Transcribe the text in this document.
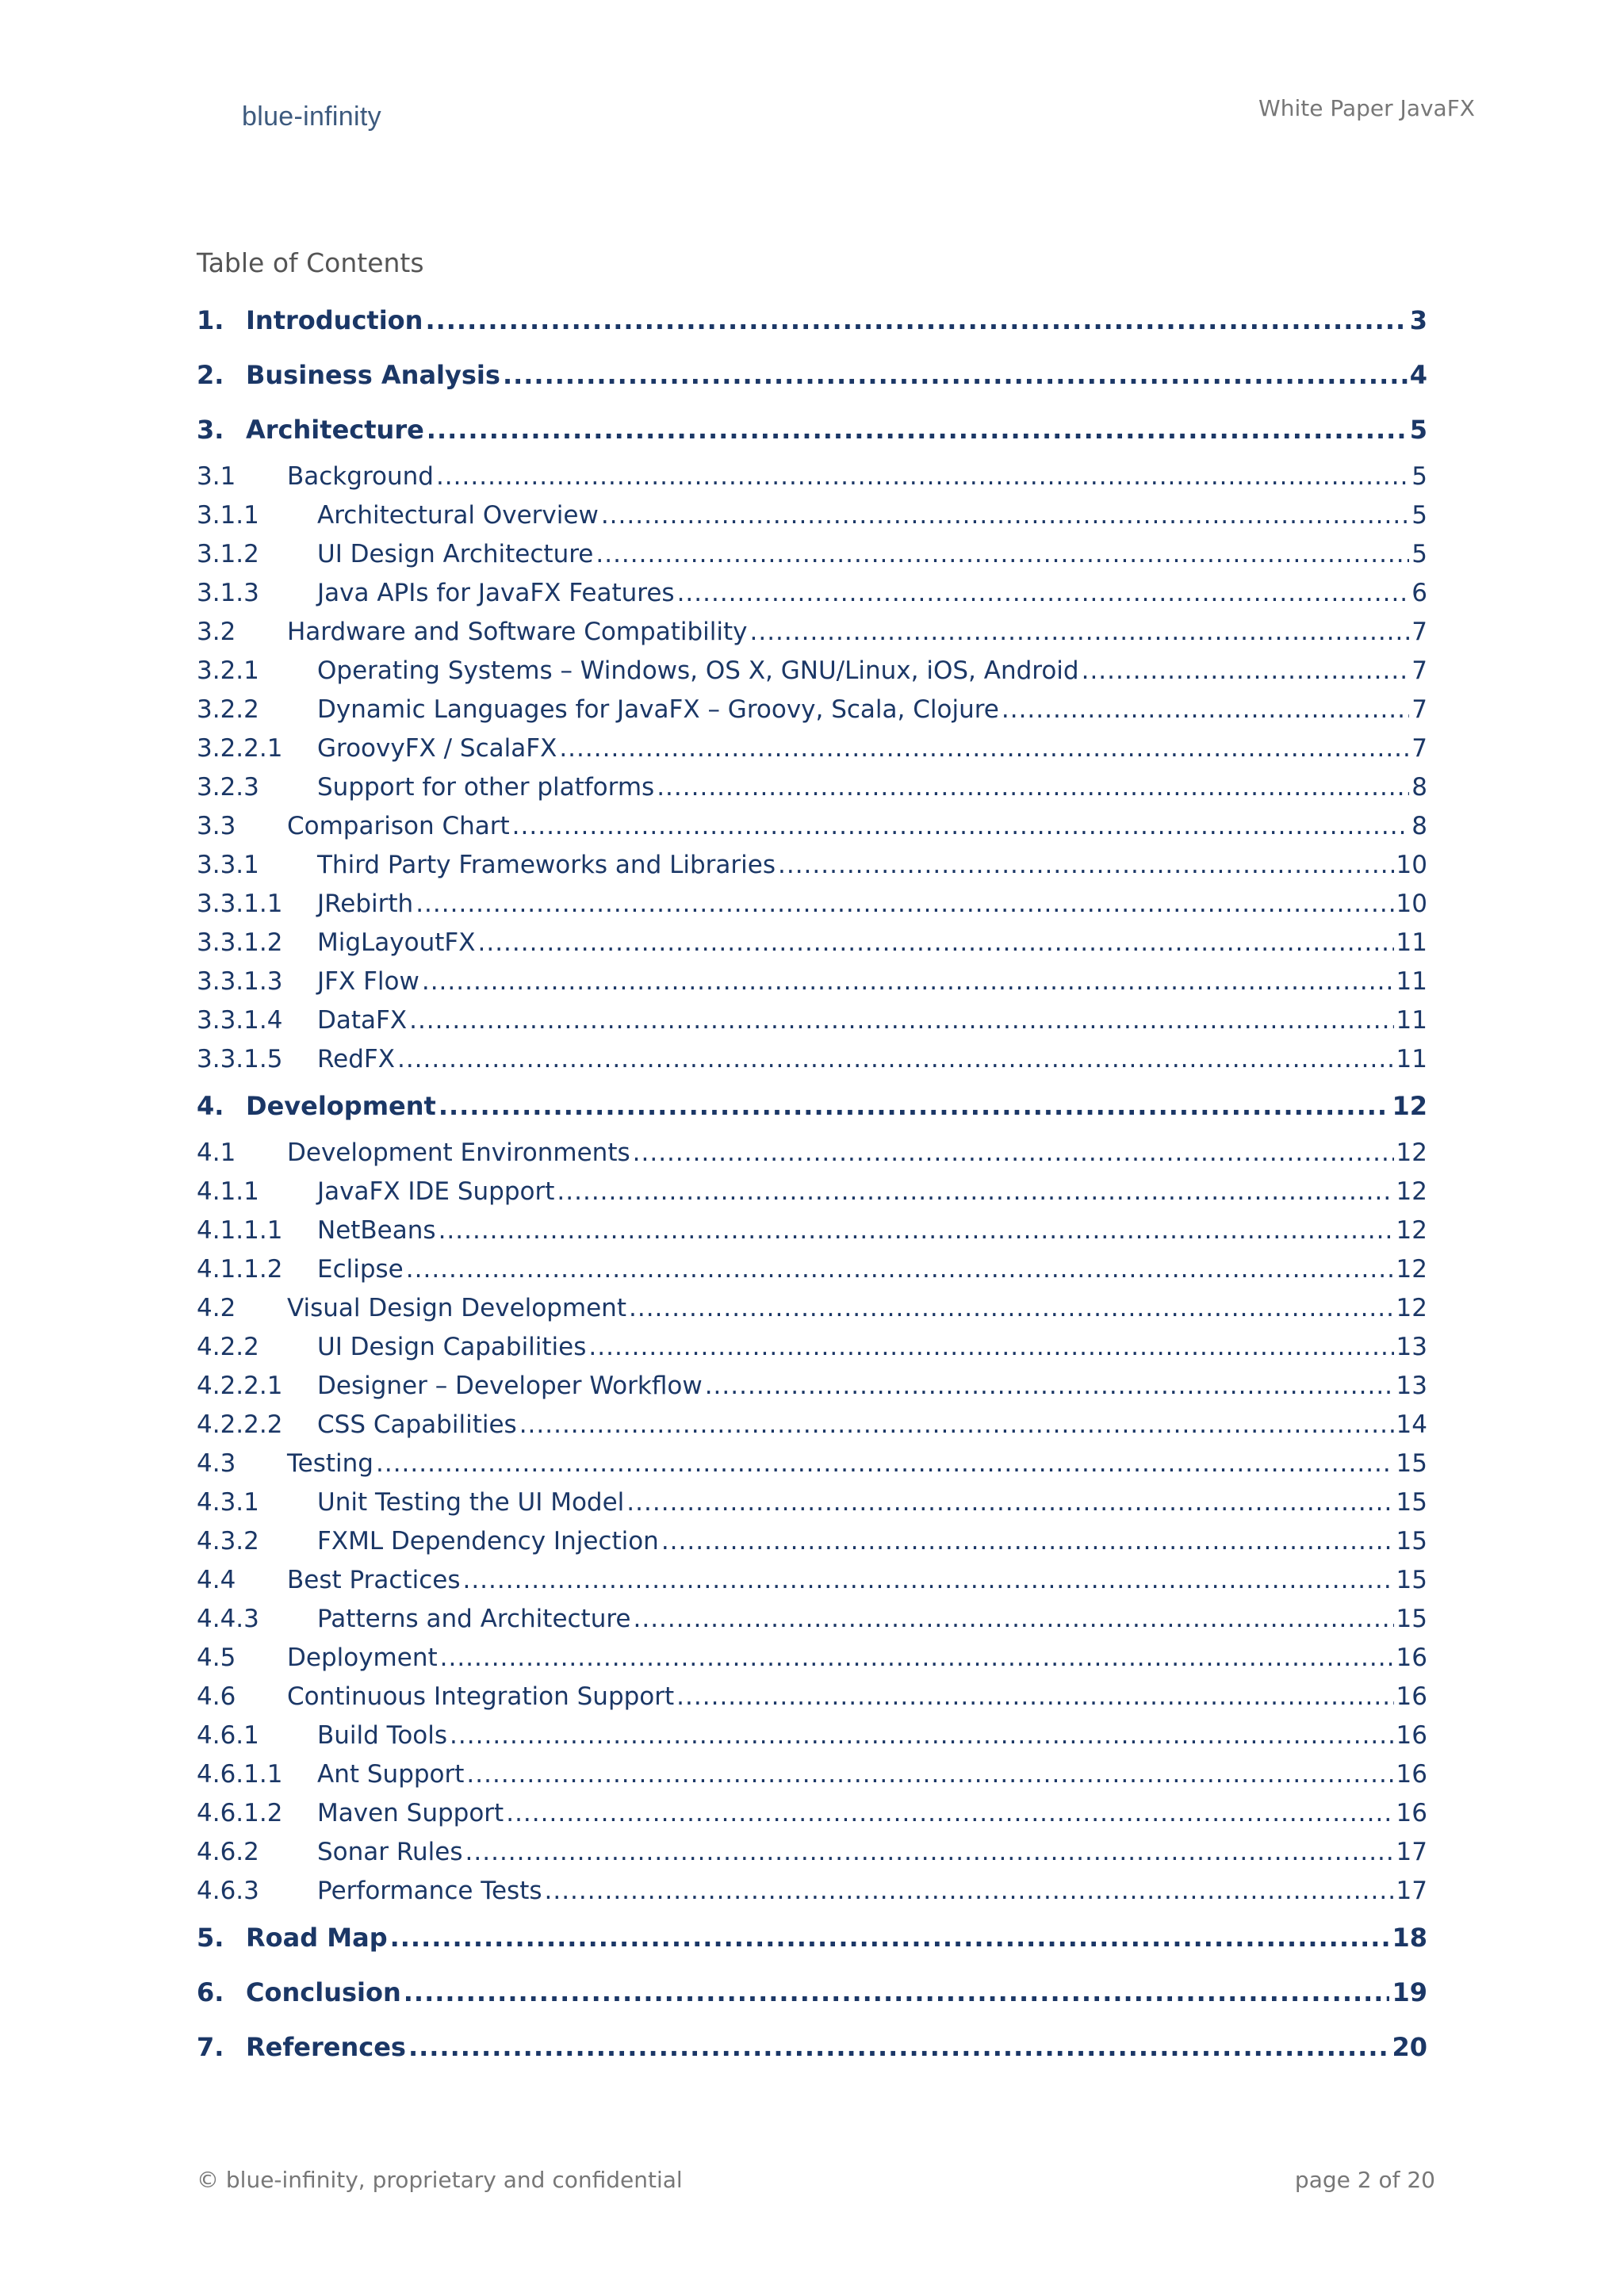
blue-infinity	White Paper JavaFX
Table of Contents
1. Introduction .....	3
2. Business Analysis .....	4
3. Architecture .....	5
3.1	Background .....	5
3.1.1	Architectural Overview .....	5
3.1.2	UI Design Architecture .....	5
3.1.3	Java APIs for JavaFX Features .....	6
3.2	Hardware and Software Compatibility .....	7
3.2.1	Operating Systems – Windows, OS X, GNU/Linux, iOS, Android .....	7
3.2.2	Dynamic Languages for JavaFX – Groovy, Scala, Clojure .....	7
3.2.2.1	GroovyFX / ScalaFX .....	7
3.2.3	Support for other platforms .....	8
3.3	Comparison Chart .....	8
3.3.1	Third Party Frameworks and Libraries .....	10
3.3.1.1	JRebirth .....	10
3.3.1.2	MigLayoutFX .....	11
3.3.1.3	JFX Flow .....	11
3.3.1.4	DataFX .....	11
3.3.1.5	RedFX .....	11
4. Development .....	12
4.1	Development Environments .....	12
4.1.1	JavaFX IDE Support .....	12
4.1.1.1	NetBeans .....	12
4.1.1.2	Eclipse .....	12
4.2	Visual Design Development .....	12
4.2.2	UI Design Capabilities .....	13
4.2.2.1	Designer – Developer Workflow .....	13
4.2.2.2	CSS Capabilities .....	14
4.3	Testing .....	15
4.3.1	Unit Testing the UI Model .....	15
4.3.2	FXML Dependency Injection .....	15
4.4	Best Practices .....	15
4.4.3	Patterns and Architecture .....	15
4.5	Deployment .....	16
4.6	Continuous Integration Support .....	16
4.6.1	Build Tools .....	16
4.6.1.1	Ant Support .....	16
4.6.1.2	Maven Support .....	16
4.6.2	Sonar Rules .....	17
4.6.3	Performance Tests .....	17
5. Road Map .....	18
6. Conclusion .....	19
7. References .....	20
© blue-infinity, proprietary and confidential	page 2 of 20
